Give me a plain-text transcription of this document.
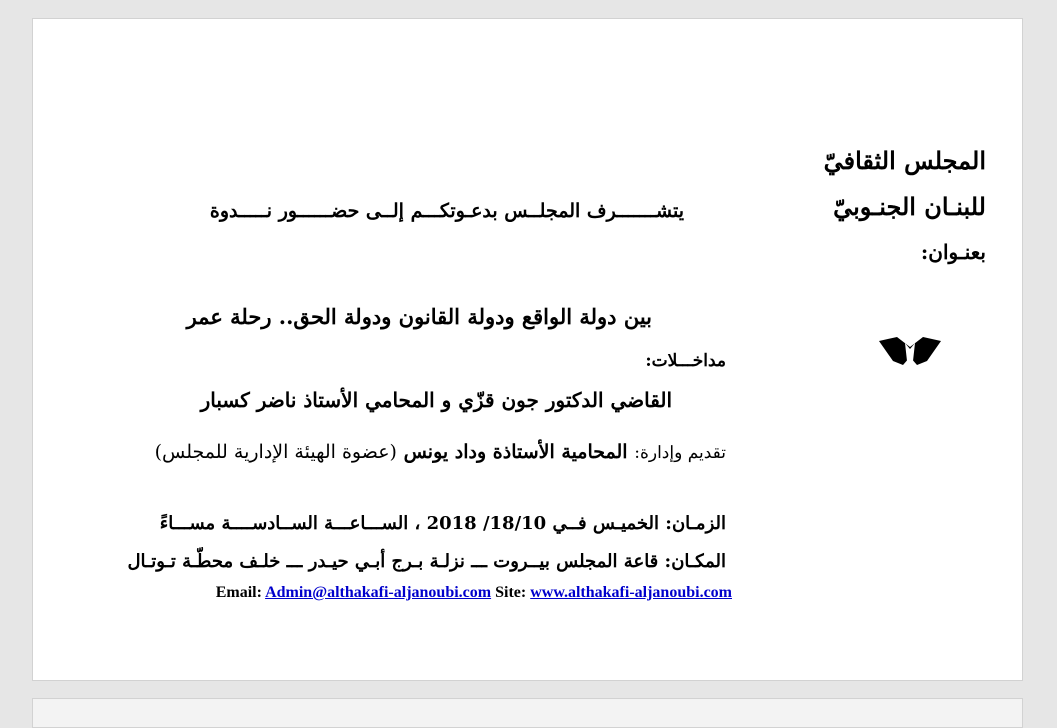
المجلس الثقافيّ
للبنـان الجنـوبيّ
يتشـــــــرف المجلــس بدعـوتكـــم إلــى حضــــــور نـــــدوة
بعنـوان:
بين دولة الواقع ودولة القانون ودولة الحق.. رحلة عمر
مداخـــلات:
القاضي الدكتور جون قزّي و المحامي الأستاذ ناضر كسبار
تقديم وإدارة: المحامية الأستاذة وداد يونس (عضوة الهيئة الإدارية للمجلس)
الزمـان: الخميـس فــي 18/10/ 2018 ، الســـاعـــة الســادســــة مســـاءً
المكـان: قاعة المجلس بيــروت ـــ نزلـة بـرج أبـي حيـدر ـــ خلـف محطّـة تـوتـال
Email: Admin@althakafi-aljanoubi.com Site: www.althakafi-aljanoubi.com
